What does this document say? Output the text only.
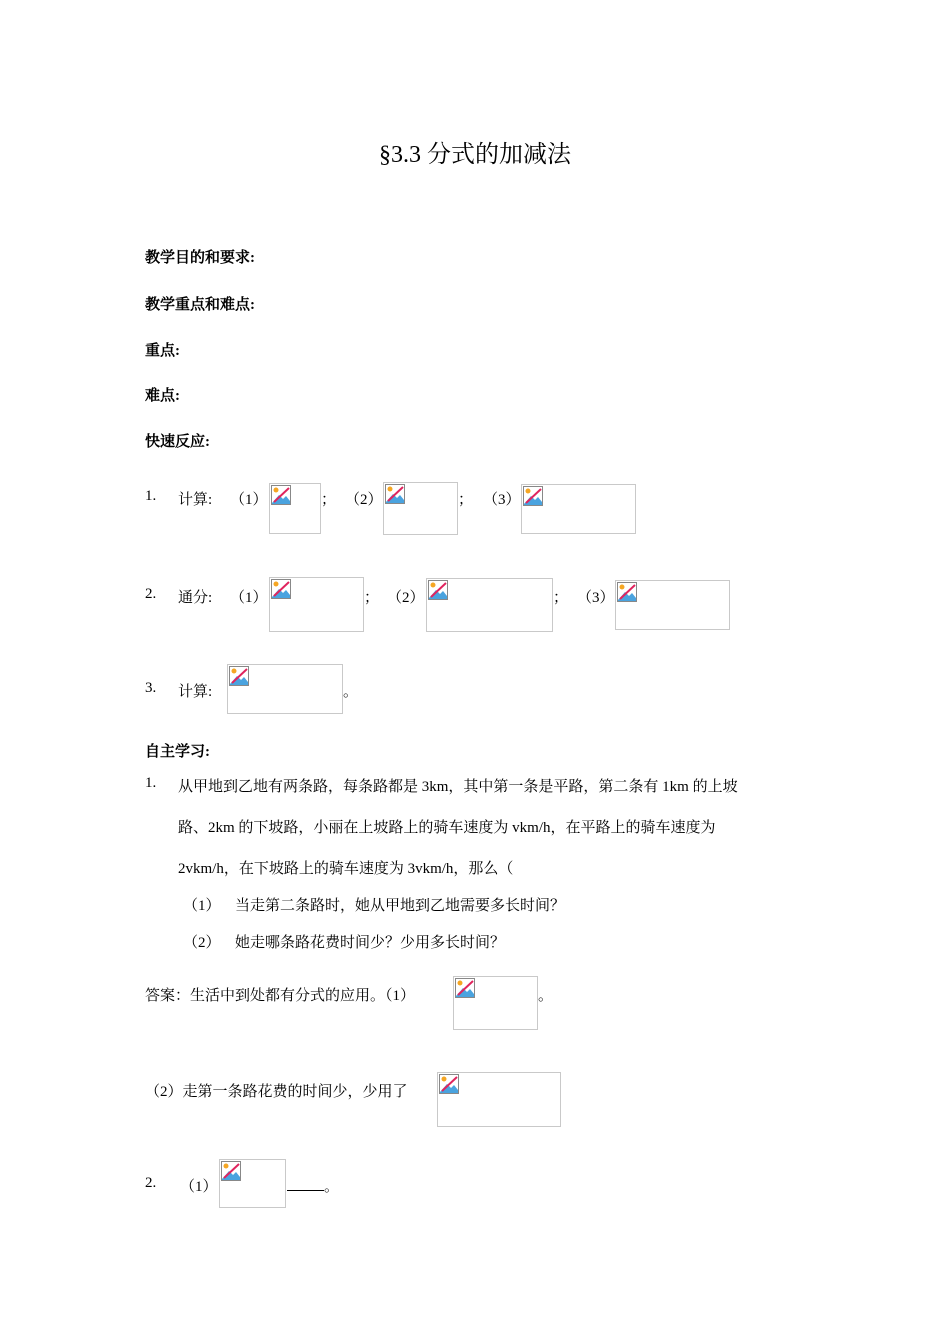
§3.3 分式的加减法
教学目的和要求:
教学重点和难点:
重点:
难点:
快速反应:
1. 计算: （1）	； （2）	； （3）
2. 通分: （1）	； （2）	； （3）
3. 计算:	。
自主学习:
1. 从甲地到乙地有两条路，每条路都是 3km，其中第一条是平路，第二条有 1km 的上坡
路、2km 的下坡路，小丽在上坡路上的骑车速度为 vkm/h，在平路上的骑车速度为
2vkm/h，在下坡路上的骑车速度为 3vkm/h，那么（
（1） 当走第二条路时，她从甲地到乙地需要多长时间？
（2） 她走哪条路花费时间少？少用多长时间？
答案：生活中到处都有分式的应用。（1）	。
（2）走第一条路花费的时间少，少用了
2. （1）	。
